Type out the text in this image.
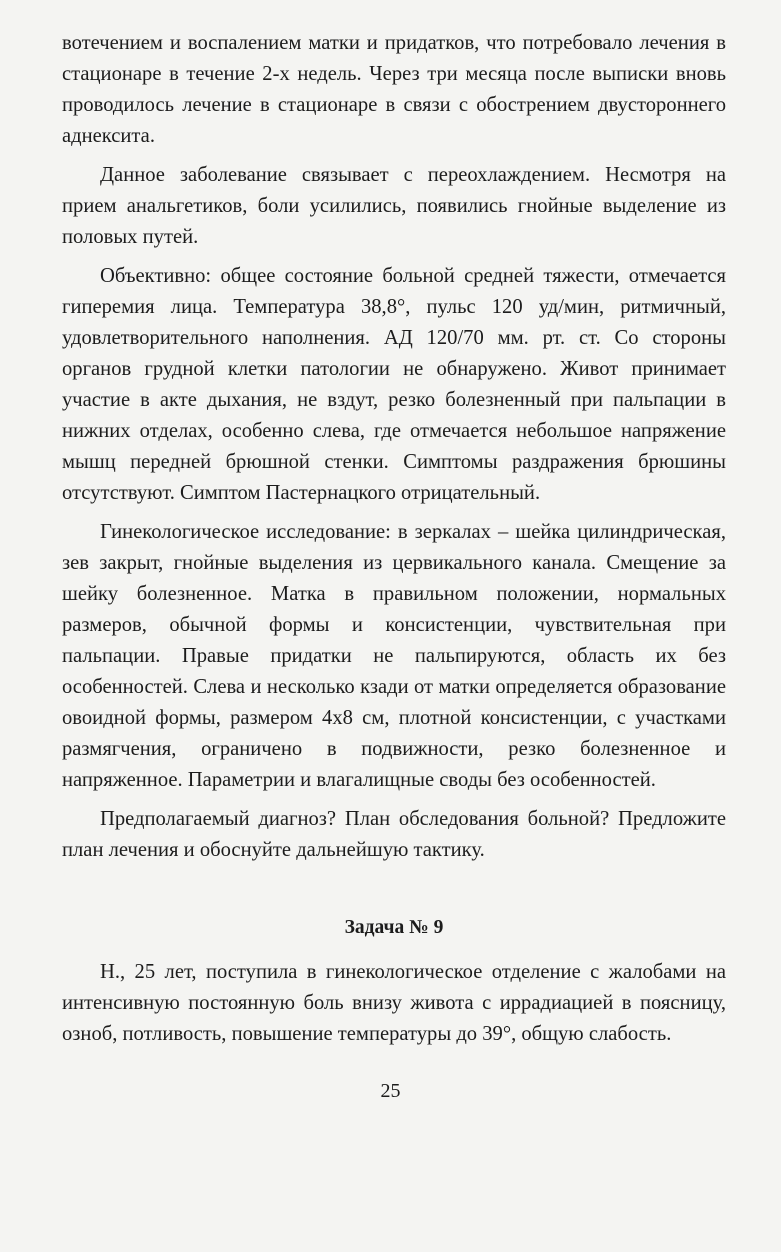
вотечением и воспалением матки и придатков, что потребовало лечения в стационаре в течение 2-х недель. Через три месяца после выписки вновь проводилось лечение в стационаре в связи с обострением двустороннего аднексита.

Данное заболевание связывает с переохлаждением. Несмотря на прием анальгетиков, боли усилились, появились гнойные выделение из половых путей.

Объективно: общее состояние больной средней тяжести, отмечается гиперемия лица. Температура 38,8°, пульс 120 уд/мин, ритмичный, удовлетворительного наполнения. АД 120/70 мм. рт. ст. Со стороны органов грудной клетки патологии не обнаружено. Живот принимает участие в акте дыхания, не вздут, резко болезненный при пальпации в нижних отделах, особенно слева, где отмечается небольшое напряжение мышц передней брюшной стенки. Симптомы раздражения брюшины отсутствуют. Симптом Пастернацкого отрицательный.

Гинекологическое исследование: в зеркалах – шейка цилиндрическая, зев закрыт, гнойные выделения из цервикального канала. Смещение за шейку болезненное. Матка в правильном положении, нормальных размеров, обычной формы и консистенции, чувствительная при пальпации. Правые придатки не пальпируются, область их без особенностей. Слева и несколько кзади от матки определяется образование овоидной формы, размером 4х8 см, плотной консистенции, с участками размягчения, ограничено в подвижности, резко болезненное и напряженное. Параметрии и влагалищные своды без особенностей.

Предполагаемый диагноз? План обследования больной? Предложите план лечения и обоснуйте дальнейшую тактику.

Задача № 9

Н., 25 лет, поступила в гинекологическое отделение с жалобами на интенсивную постоянную боль внизу живота с иррадиацией в поясницу, озноб, потливость, повышение температуры до 39°, общую слабость.

25
